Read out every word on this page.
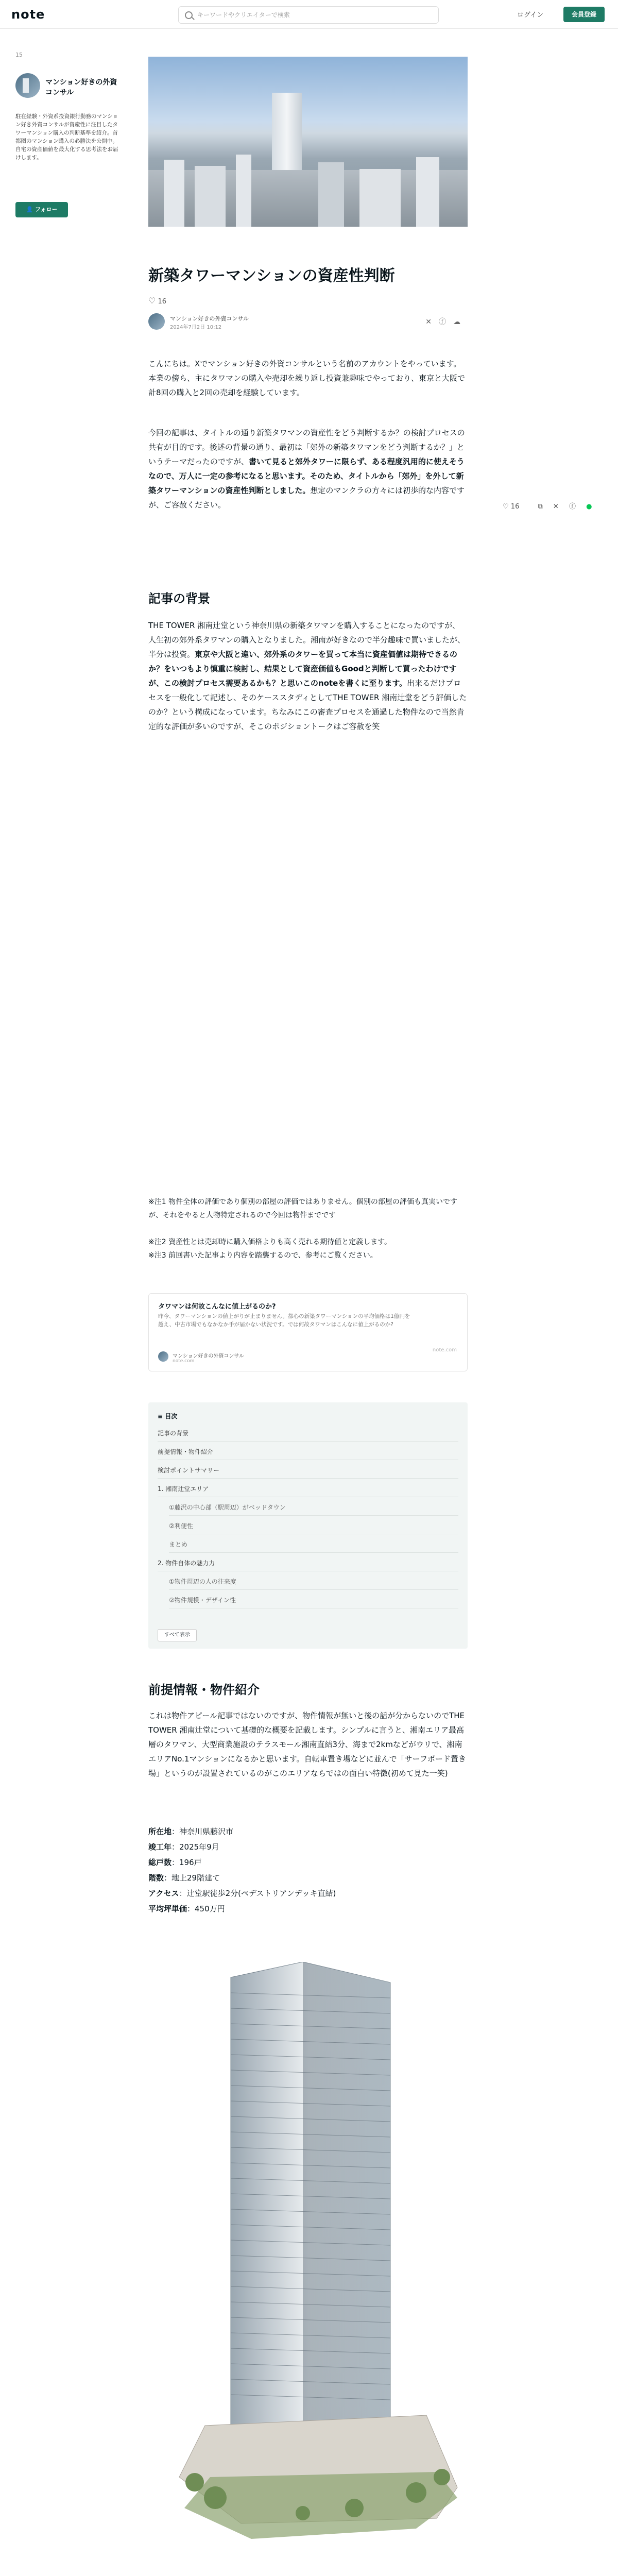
note
キーワードやクリエイターで検索	ログイン	会員登録
15
マンション好きの外資コンサル
駐在経験・外資系投資銀行勤務のマンション好き外資コンサルが資産性に注目したタワーマンション購入の判断基準を紹介。首都圏のマンション購入の必勝法を公開中。自宅の資産価値を最大化する思考法をお届けします。
👤 フォロー
新築タワーマンションの資産性判断
♡ 16
マンション好きの外資コンサル
2024年7月2日 10:12
✕ⓕ☁
こんにちは。Xでマンション好きの外資コンサルという名前のアカウントをやっています。本業の傍ら、主にタワマンの購入や売却を繰り返し投資兼趣味でやっており、東京と大阪で計8回の購入と2回の売却を経験しています。
今回の記事は、タイトルの通り新築タワマンの資産性をどう判断するか？の検討プロセスの共有が目的です。後述の背景の通り、最初は「郊外の新築タワマンをどう判断するか？」というテーマだったのですが、書いて見ると郊外タワーに限らず、ある程度汎用的に使えそうなので、万人に一定の参考になると思います。そのため、タイトルから「郊外」を外して新築タワーマンションの資産性判断としました。想定のマンクラの方々には初歩的な内容ですが、ご容赦ください。
記事の背景
THE TOWER 湘南辻堂という神奈川県の新築タワマンを購入することになったのですが、人生初の郊外系タワマンの購入となりました。湘南が好きなので半分趣味で買いましたが、半分は投資。東京や大阪と違い、郊外系のタワーを買って本当に資産価値は期待できるのか？をいつもより慎重に検討し、結果として資産価値もGoodと判断して買ったわけですが、この検討プロセス需要あるかも？と思いこのnoteを書くに至ります。出来るだけプロセスを一般化して記述し、そのケーススタディとしてTHE TOWER 湘南辻堂をどう評価したのか？という構成になっています。ちなみにこの審査プロセスを通過した物件なので当然肯定的な評価が多いのですが、そこのポジショントークはご容赦を笑
※注1 物件全体の評価であり個別の部屋の評価ではありません。個別の部屋の評価も真実いですが、それをやると人物特定されるので今回は物件までです
※注2 資産性とは売却時に購入価格よりも高く売れる期待値と定義します。
※注3 前回書いた記事より内容を踏襲するので、参考にご覧ください。
タワマンは何故こんなに値上がるのか?
昨今、タワーマンションの値上がりが止まりません。都心の新築タワーマンションの平均価格は1億円を超え、中古市場でもなかなか手が届かない状況です。では何故タワマンはこんなに値上がるのか?
マンション好きの外資コンサル
note.com
note.com
≡ 目次
記事の背景
前提情報・物件紹介
検討ポイントサマリー
1. 湘南辻堂エリア
①藤沢の中心部（駅周辺）がベッドタウン
②利便性
まとめ
2. 物件自体の魅力力
①物件周辺の人の往来度
②物件規模・デザイン性
すべて表示
前提情報・物件紹介
これは物件アピール記事ではないのですが、物件情報が無いと後の話が分からないのでTHE TOWER 湘南辻堂について基礎的な概要を記載します。シンプルに言うと、湘南エリア最高層のタワマン、大型商業施設のテラスモール湘南直結3分、海まで2kmなどがウリで、湘南エリアNo.1マンションになるかと思います。自転車置き場などに並んで「サーフボード置き場」というのが設置されているのがこのエリアならではの面白い特徴(初めて見た一笑)
所在地：神奈川県藤沢市
竣工年：2025年9月
総戸数：196戸
階数：地上29階建て
アクセス：辻堂駅徒歩2分(ペデストリアンデッキ直結)
平均坪単価：450万円
♡ 16	⧉ ✕ ⓕ ●
